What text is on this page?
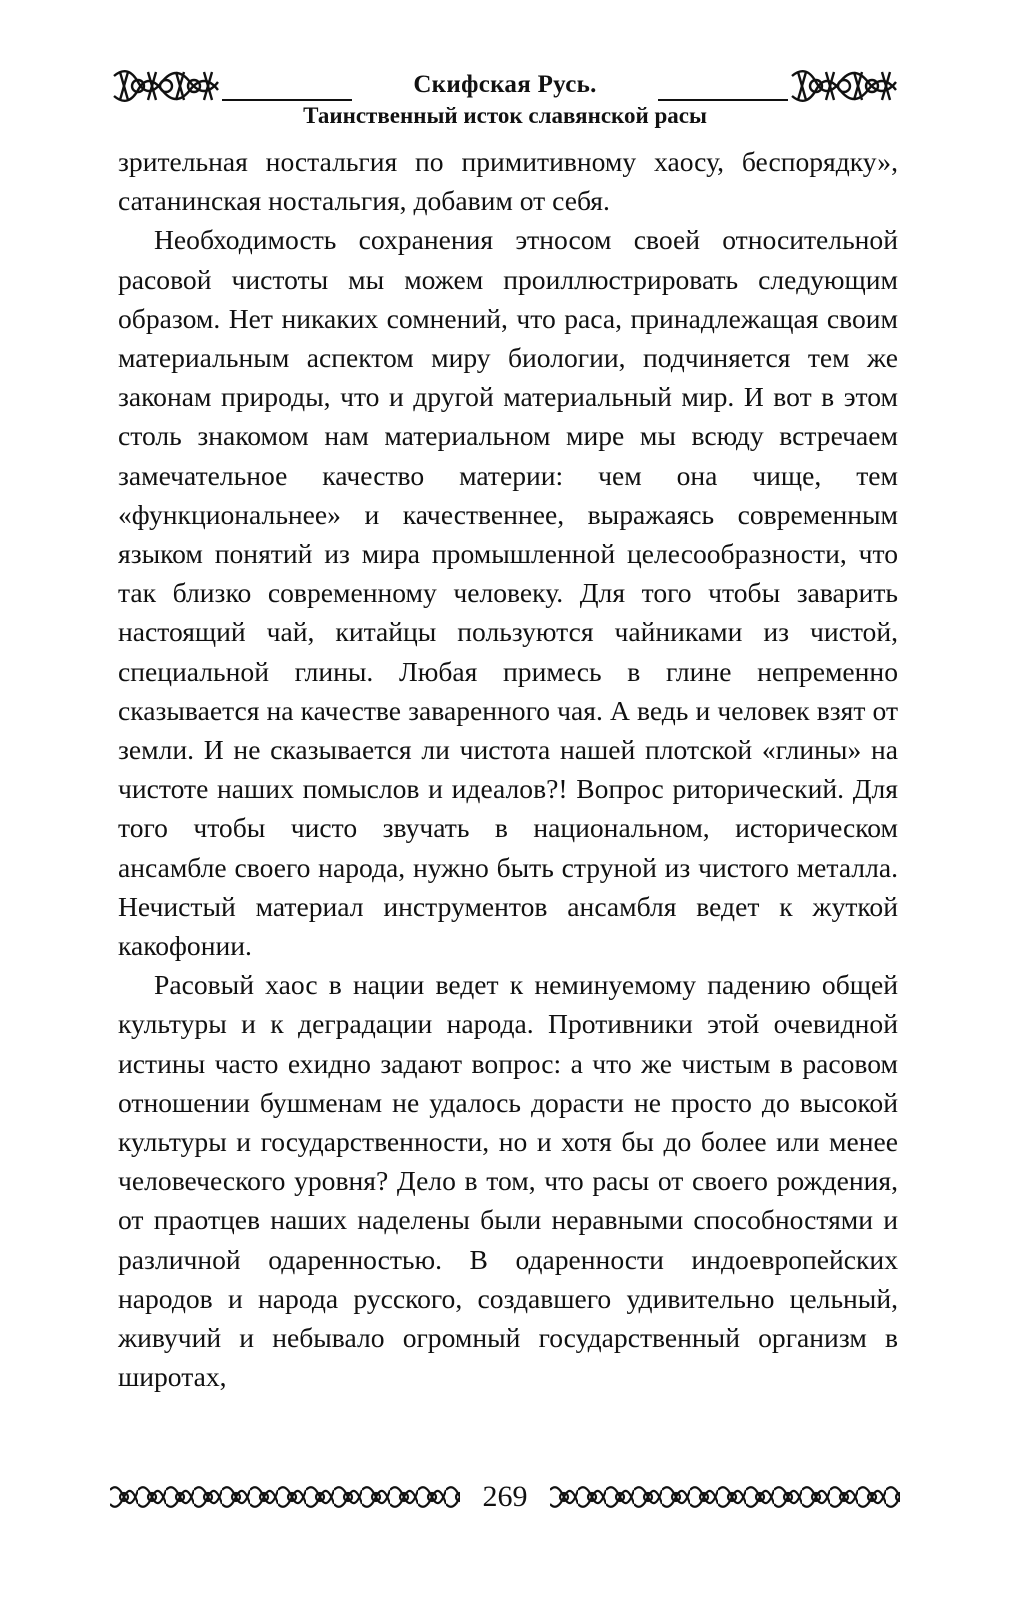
Скифская Русь.
Таинственный исток славянской расы

зрительная ностальгия по примитивному хаосу, беспорядку», сатанинская ностальгия, добавим от себя.

Необходимость сохранения этносом своей относительной расовой чистоты мы можем проиллюстрировать следующим образом. Нет никаких сомнений, что раса, принадлежащая своим материальным аспектом миру биологии, подчиняется тем же законам природы, что и другой материальный мир. И вот в этом столь знакомом нам материальном мире мы всюду встречаем замечательное качество материи: чем она чище, тем «функциональнее» и качественнее, выражаясь современным языком понятий из мира промышленной целесообразности, что так близко современному человеку. Для того чтобы заварить настоящий чай, китайцы пользуются чайниками из чистой, специальной глины. Любая примесь в глине непременно сказывается на качестве заваренного чая. А ведь и человек взят от земли. И не сказывается ли чистота нашей плотской «глины» на чистоте наших помыслов и идеалов?! Вопрос риторический. Для того чтобы чисто звучать в национальном, историческом ансамбле своего народа, нужно быть струной из чистого металла. Нечистый материал инструментов ансамбля ведет к жуткой какофонии.

Расовый хаос в нации ведет к неминуемому падению общей культуры и к деградации народа. Противники этой очевидной истины часто ехидно задают вопрос: а что же чистым в расовом отношении бушменам не удалось дорасти не просто до высокой культуры и государственности, но и хотя бы до более или менее человеческого уровня? Дело в том, что расы от своего рождения, от праотцев наших наделены были неравными способностями и различной одаренностью. В одаренности индоевропейских народов и народа русского, создавшего удивительно цельный, живучий и небывало огромный государственный организм в широтах,

269
